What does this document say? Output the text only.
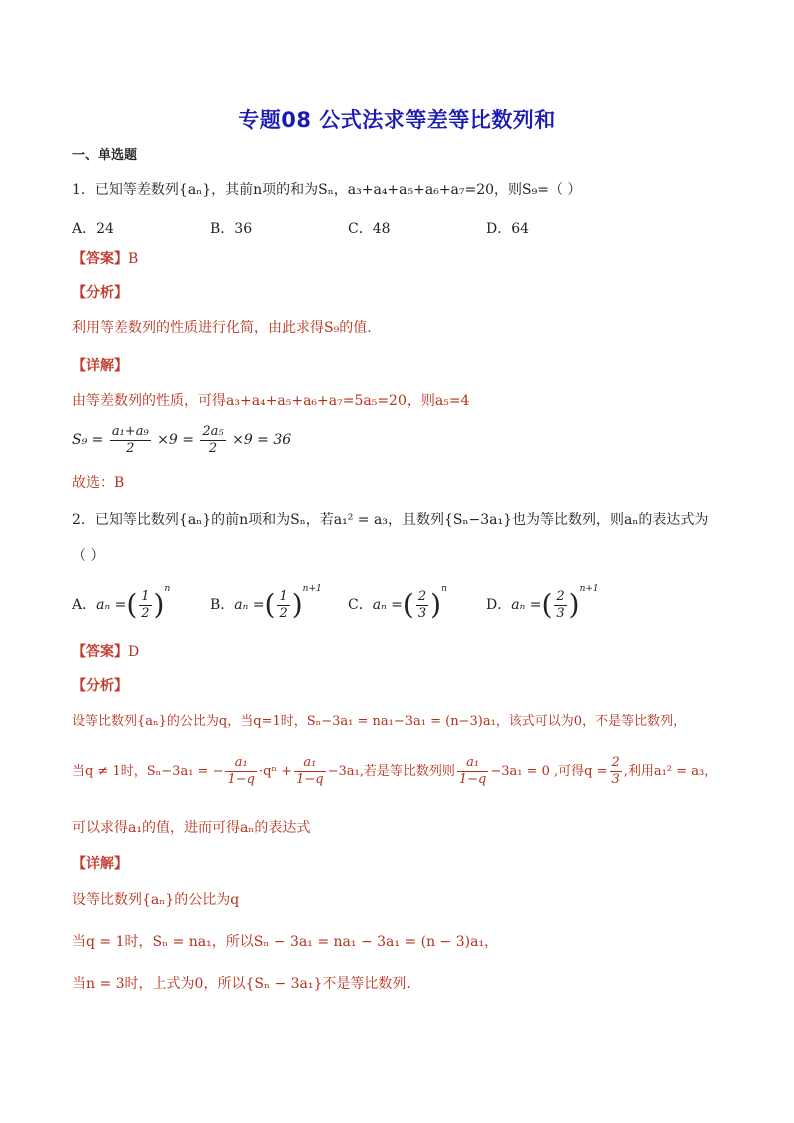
专题08 公式法求等差等比数列和
一、单选题
1．已知等差数列{aₙ}，其前n项的和为Sₙ，a₃+a₄+a₅+a₆+a₇=20，则S₉=（ ）
A．24	B．36	C．48	D．64
【答案】B
【分析】
利用等差数列的性质进行化简，由此求得S₉的值.
【详解】
由等差数列的性质，可得a₃+a₄+a₅+a₆+a₇=5a₅=20，则a₅=4
$S_9 = \frac{\text{a₁+a₉}}{2} \times 9 = \frac{\text{2a₅}}{2} \times 9 = 36$
故选：B
2．已知等比数列{aₙ}的前n项和为Sₙ，若a₁² = a₃，且数列{Sₙ−3a₁}也为等比数列，则aₙ的表达式为
（ ）
A．aₙ =( $\frac{1}{2} )^n$
B．aₙ =( $\frac{1}{2} )^{n+1}$
C．aₙ =( $\frac{2}{3} )^n$
D．aₙ =( $\frac{2}{3} )^{n+1}$
【答案】D
【分析】
设等比数列{aₙ}的公比为q，当q=1时，Sₙ−3a₁ = na₁−3a₁ = (n−3)a₁，该式可以为0，不是等比数列，
当q ≠ 1时，Sₙ−3a₁ = − $\frac{\text{a₁}}{1-q} \cdot q^n + \frac{\text{a₁}}{1-q} -3a_1$,若是等比数列则 $\frac{\text{a₁}}{1-q} -3a_1 = 0$ ,可得$q = \frac{2}{3}$ ,利用a₁² = a₃，
可以求得a₁的值，进而可得aₙ的表达式
【详解】
设等比数列{aₙ}的公比为q
当q = 1时，Sₙ = na₁，所以Sₙ − 3a₁ = na₁ − 3a₁ = (n − 3)a₁，
当n = 3时，上式为0，所以{Sₙ − 3a₁}不是等比数列.
